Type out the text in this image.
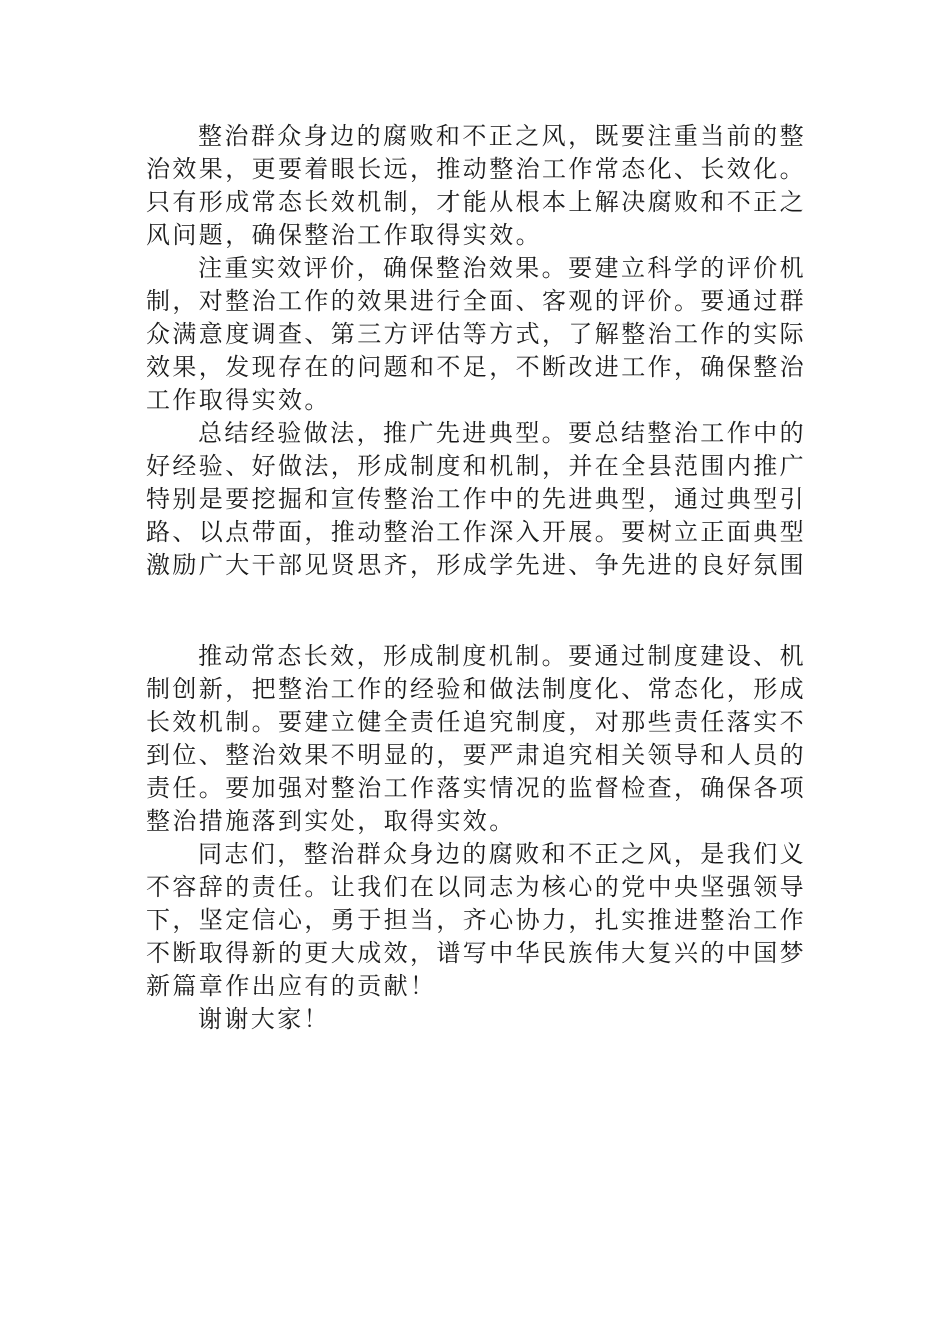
整治群众身边的腐败和不正之风，既要注重当前的整治效果，更要着眼长远，推动整治工作常态化、长效化。只有形成常态长效机制，才能从根本上解决腐败和不正之风问题，确保整治工作取得实效。

注重实效评价，确保整治效果。要建立科学的评价机制，对整治工作的效果进行全面、客观的评价。要通过群众满意度调查、第三方评估等方式，了解整治工作的实际效果，发现存在的问题和不足，不断改进工作，确保整治工作取得实效。

总结经验做法，推广先进典型。要总结整治工作中的好经验、好做法，形成制度和机制，并在全县范围内推广特别是要挖掘和宣传整治工作中的先进典型，通过典型引路、以点带面，推动整治工作深入开展。要树立正面典型激励广大干部见贤思齐，形成学先进、争先进的良好氛围

推动常态长效，形成制度机制。要通过制度建设、机制创新，把整治工作的经验和做法制度化、常态化，形成长效机制。要建立健全责任追究制度，对那些责任落实不到位、整治效果不明显的，要严肃追究相关领导和人员的责任。要加强对整治工作落实情况的监督检查，确保各项整治措施落到实处，取得实效。

同志们，整治群众身边的腐败和不正之风，是我们义不容辞的责任。让我们在以同志为核心的党中央坚强领导下，坚定信心，勇于担当，齐心协力，扎实推进整治工作不断取得新的更大成效，谱写中华民族伟大复兴的中国梦新篇章作出应有的贡献！

谢谢大家！
